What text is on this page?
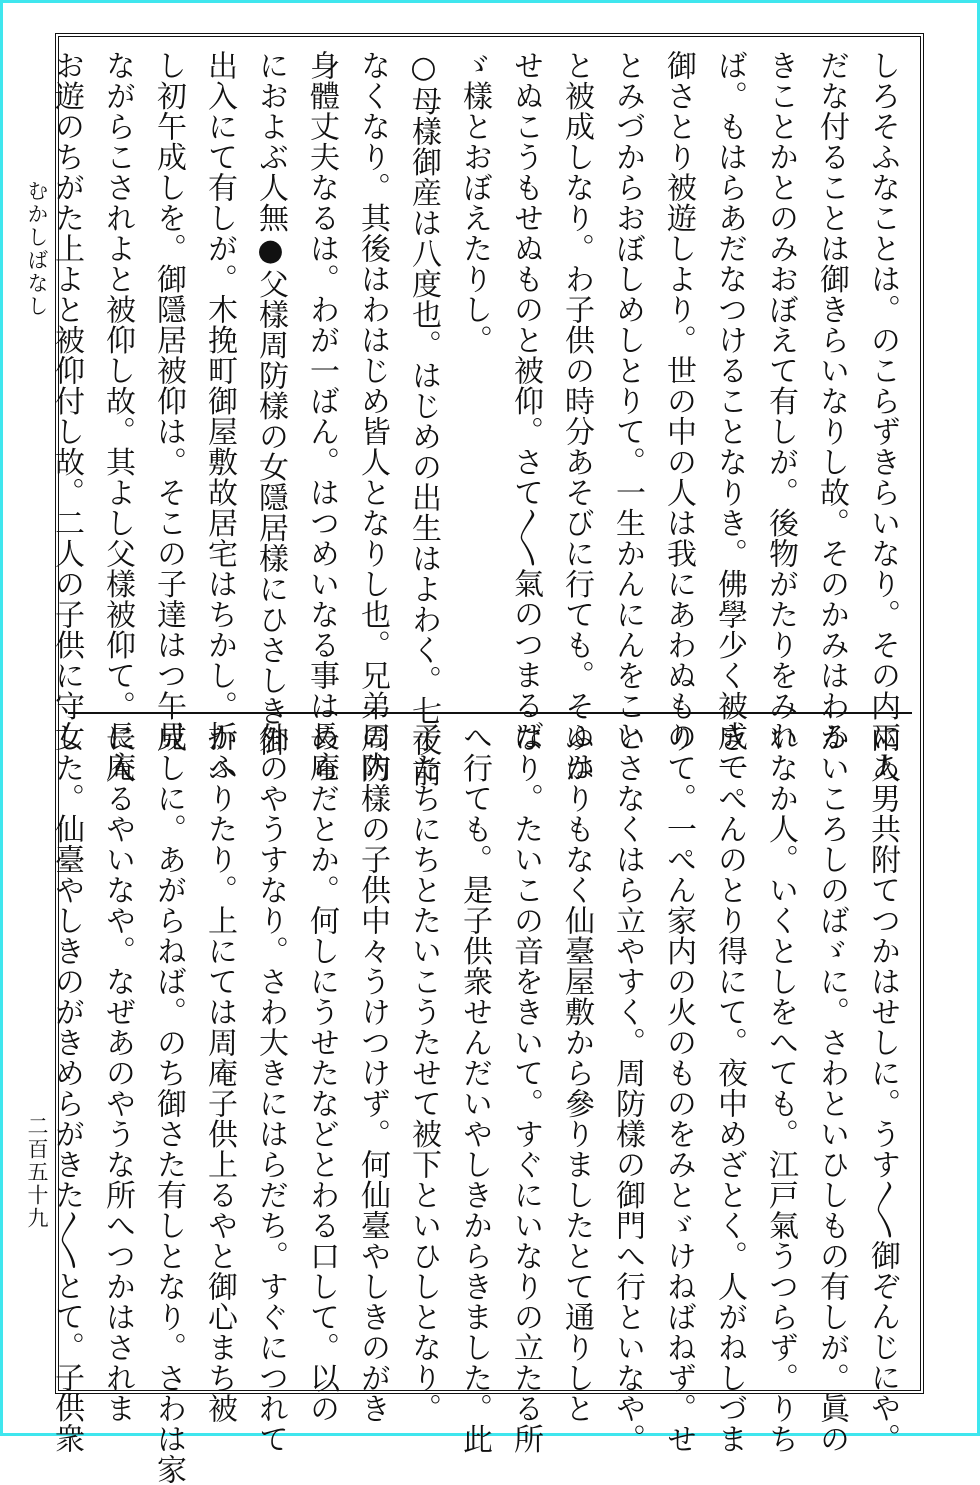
むかしばなし
二百五十九
しろそふなことは。のこらずきらいなり。その内にあ
だな付ることは御きらいなりし故。そのかみはわる
きことかとのみおぼえて有しが。後物がたりをみれ
ば。もはらあだなつけることなりき。佛學少く被成て
御さとり被遊しより。世の中の人は我にあわぬもの
とみづからおぼしめしとりて。一生かんにんをこと
と被成しなり。わ子供の時分あそびに行ても。そふは
せぬこうもせぬものと被仰。さて〳〵氣のつまるば
ゞ樣とおぼえたりし。
○母樣御産は八度也。はじめの出生はよわく。七夜前
なくなり。其後はわはじめ皆人となりし也。兄弟の内
身體丈夫なるは。わが一ばん。はつめいなる事は長庵
におよぶ人無●父樣周防樣の女隱居樣にひさしき御
出入にて有しが。木挽町御屋敷故居宅はちかし。折ふ
し初午成しを。御隱居被仰は。そこの子達はつ午見
ながらこされよと被仰し故。其よし父樣被仰て。長庵
お遊のちがた上よと被仰付し故。二人の子供に守女
兩人男共附てつかはせしに。うす〳〵御ぞんじにや。
かいころしのばゞに。さわといひしもの有しが。眞の
いなか人。いくとしをへても。江戸氣うつらず。りち
き一ぺんのとり得にて。夜中めざとく。人がねしづま
りて。一ぺん家内の火のものをみとゞけねばねず。せ
いさなくはら立やすく。周防樣の御門へ行といなや。
ゆかりもなく仙臺屋敷から參りましたとて通りしと
なり。たいこの音をきいて。すぐにいなりの立たる所
へ行ても。是子供衆せんだいやしきからきました。此
子たちにちとたいこうたせて被下といひしとなり。
周防樣の子供中々うけつけず。何仙臺やしきのがき
めらだとか。何しにうせたなどとわる口して。以の
外のやうすなり。さわ大きにはらだち。すぐにつれて
かへりたり。上にては周庵子供上るやと御心まち被
成しに。あがらねば。のち御さた有しとなり。さわは家
に入るやいなや。なぜあのやうな所へつかはされま
した。仙臺やしきのがきめらがきた〳〵とて。子供衆
